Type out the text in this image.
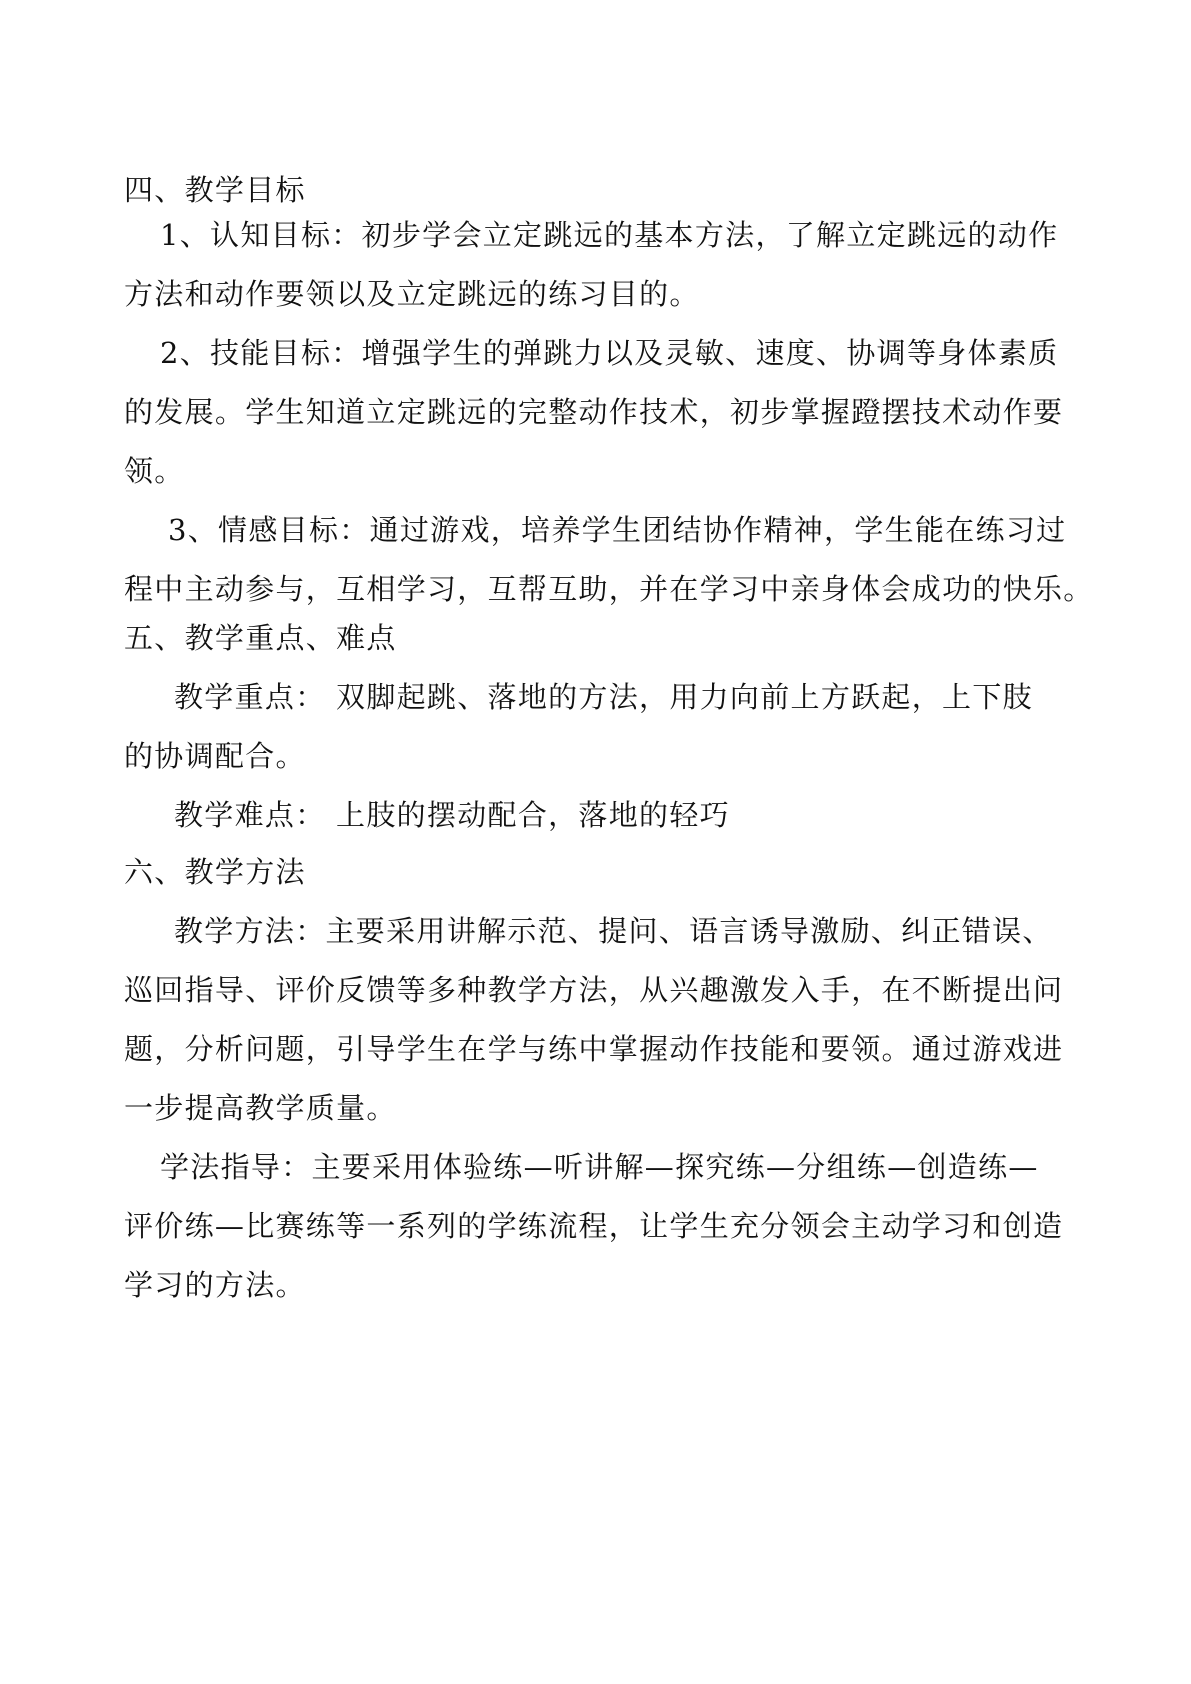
四、教学目标
1、认知目标：初步学会立定跳远的基本方法，了解立定跳远的动作
方法和动作要领以及立定跳远的练习目的。
2、技能目标：增强学生的弹跳力以及灵敏、速度、协调等身体素质
的发展。学生知道立定跳远的完整动作技术，初步掌握蹬摆技术动作要
领。
3、情感目标：通过游戏，培养学生团结协作精神，学生能在练习过
程中主动参与，互相学习，互帮互助，并在学习中亲身体会成功的快乐。
五、教学重点、难点
教学重点： 双脚起跳、落地的方法，用力向前上方跃起，上下肢
的协调配合。
教学难点： 上肢的摆动配合，落地的轻巧
六、教学方法
教学方法：主要采用讲解示范、提问、语言诱导激励、纠正错误、
巡回指导、评价反馈等多种教学方法，从兴趣激发入手，在不断提出问
题，分析问题，引导学生在学与练中掌握动作技能和要领。通过游戏进
一步提高教学质量。
学法指导：主要采用体验练—听讲解—探究练—分组练—创造练—
评价练—比赛练等一系列的学练流程，让学生充分领会主动学习和创造
学习的方法。
